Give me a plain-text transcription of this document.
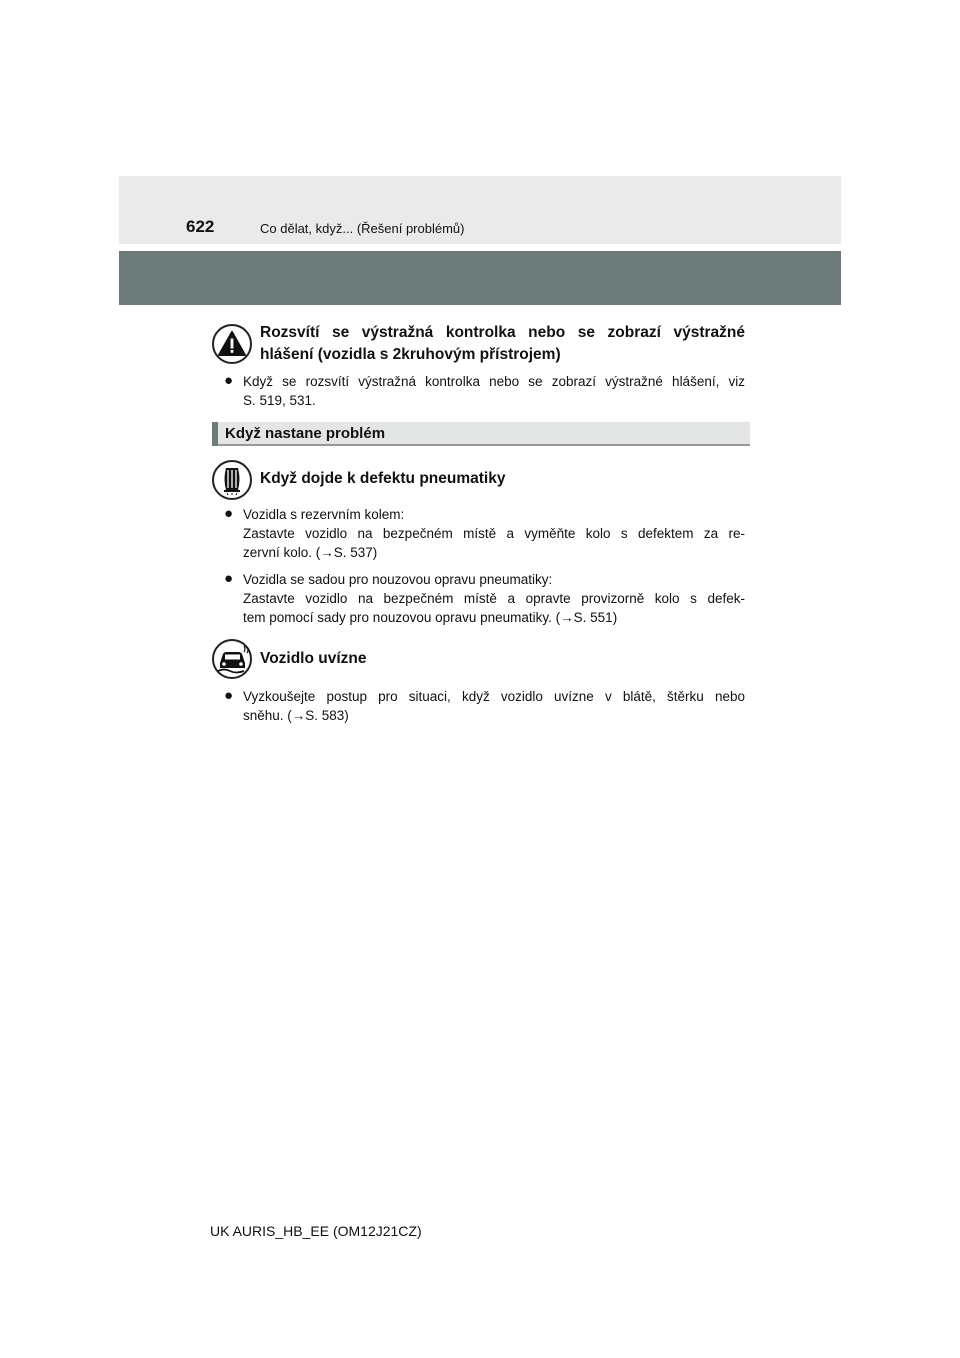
622	Co dělat, když... (Řešení problémů)
Rozsvítí se výstražná kontrolka nebo se zobrazí výstražné
hlášení (vozidla s 2kruhovým přístrojem)
● Když se rozsvítí výstražná kontrolka nebo se zobrazí výstražné hlášení, viz
S. 519, 531.
Když nastane problém
Když dojde k defektu pneumatiky
● Vozidla s rezervním kolem:
Zastavte vozidlo na bezpečném místě a vyměňte kolo s defektem za re-
zervní kolo. (→S. 537)
● Vozidla se sadou pro nouzovou opravu pneumatiky:
Zastavte vozidlo na bezpečném místě a opravte provizorně kolo s defek-
tem pomocí sady pro nouzovou opravu pneumatiky. (→S. 551)
Vozidlo uvízne
● Vyzkoušejte postup pro situaci, když vozidlo uvízne v blátě, štěrku nebo
sněhu. (→S. 583)
UK AURIS_HB_EE (OM12J21CZ)
